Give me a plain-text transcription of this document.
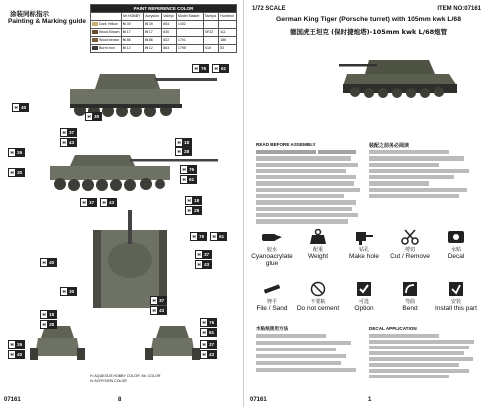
涂装同标指示
Painting & Marking guide
PAINT REFERENCE COLOR						
	Mr.HOBBY	Acrysion	Vallejo	Model Master	Tamiya	Humbrol
Dark Yellow	N 39	N 39	864	1402		
Wood Brown	N 17	N 17	830		XF22	111
Wood brown	N 86	N 86	822	1701		186
Burnt Iron	N 12	N 12	863	1795	X10	53
H 76	H 61
H 40
H 30
H 37
H 43	H 18
H 28
H 26
H 30
H 76
H 61
H 37	H 43	H 18
H 28
H 76	H 61
H 40
H 37
H 43
H 30
H 37
H 43
H 18
H 28
H 26
H 40
H 76
H 61
H 37
H 43
H: AQUEOUS HOBBY COLOR Mr. COLOR
N: ACRYSION COLOR
07161	8
1/72 SCALE	ITEM NO:07161
German King Tiger (Porsche turret) with 105mm kwk L/68
德国虎王坦克 (保时捷炮塔)-105mm kwk L/68炮管
READ BEFORE ASSEMBLY	装配之前务必阅读
胶水
Cyanoacrylate glue
配重
Weight
钻孔
Make hole
剪切
Cut / Remove
水贴
Decal
锉平
File / Sand
不要粘
Do not cement
可选
Option
弯曲
Bend
安装
Install this part
水贴纸使用方法	DECAL APPLICATION
07161	1
